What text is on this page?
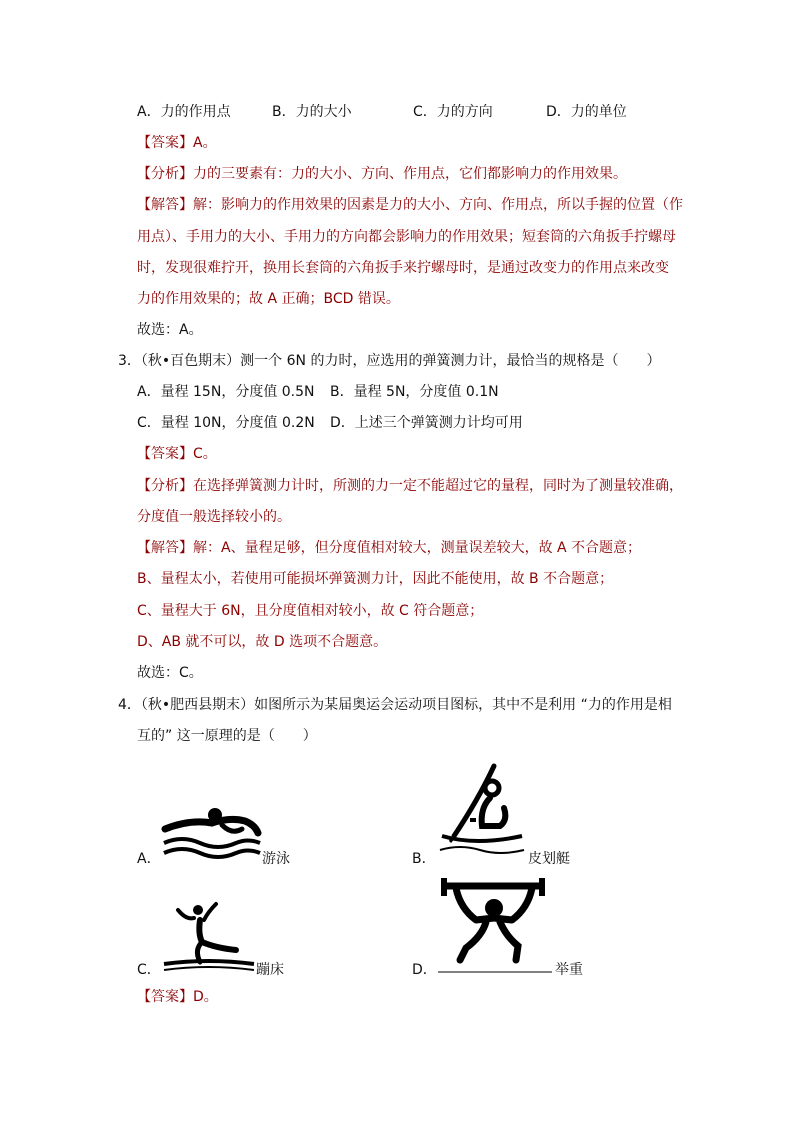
A．力的作用点	B．力的大小	C．力的方向	D．力的单位
【答案】A。
【分析】力的三要素有：力的大小、方向、作用点，它们都影响力的作用效果。
【解答】解：影响力的作用效果的因素是力的大小、方向、作用点，所以手握的位置（作
用点）、手用力的大小、手用力的方向都会影响力的作用效果；短套筒的六角扳手拧螺母
时，发现很难拧开，换用长套筒的六角扳手来拧螺母时，是通过改变力的作用点来改变
力的作用效果的；故 A 正确；BCD 错误。
故选：A。
3．（秋•百色期末）测一个 6N 的力时，应选用的弹簧测力计，最恰当的规格是（　　）
A．量程 15N，分度值 0.5N B．量程 5N，分度值 0.1N
C．量程 10N，分度值 0.2N D．上述三个弹簧测力计均可用
【答案】C。
【分析】在选择弹簧测力计时，所测的力一定不能超过它的量程，同时为了测量较准确，
分度值一般选择较小的。
【解答】解：A、量程足够，但分度值相对较大，测量误差较大，故 A 不合题意；
B、量程太小，若使用可能损坏弹簧测力计，因此不能使用，故 B 不合题意；
C、量程大于 6N，且分度值相对较小，故 C 符合题意；
D、AB 就不可以，故 D 选项不合题意。
故选：C。
4．（秋•肥西县期末）如图所示为某届奥运会运动项目图标，其中不是利用 “力的作用是相
互的” 这一原理的是（　　）
A．	游泳	B．	皮划艇
C．	蹦床	D．	举重
【答案】D。
